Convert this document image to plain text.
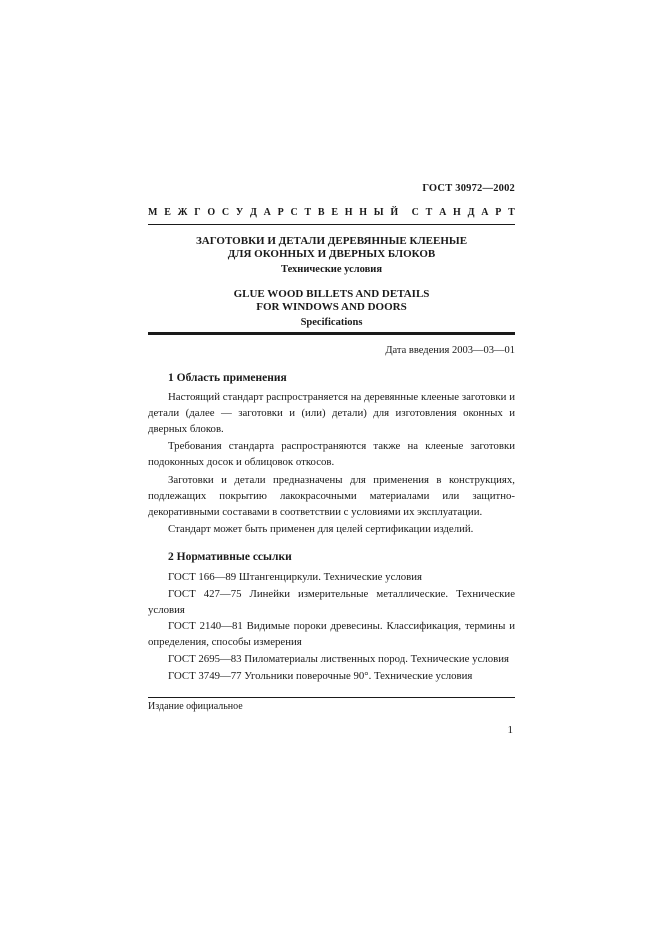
ГОСТ 30972—2002
М Е Ж Г О С У Д А Р С Т В Е Н Н Ы Й С Т А Н Д А Р Т
ЗАГОТОВКИ И ДЕТАЛИ ДЕРЕВЯННЫЕ КЛЕЕНЫЕ
ДЛЯ ОКОННЫХ И ДВЕРНЫХ БЛОКОВ
Технические условия
GLUE WOOD BILLETS AND DETAILS
FOR WINDOWS AND DOORS
Specifications
Дата введения 2003—03—01
1 Область применения

Настоящий стандарт распространяется на деревянные клееные заготовки и детали (далее — заготовки и (или) детали) для изготовления оконных и дверных блоков.

Требования стандарта распространяются также на клееные заготовки подоконных досок и облицовок откосов.

Заготовки и детали предназначены для применения в конструкциях, подлежащих покрытию лакокрасочными материалами или защитно-декоративными составами в соответствии с условиями их эксплуатации.

Стандарт может быть применен для целей сертификации изделий.

2 Нормативные ссылки

ГОСТ 166—89 Штангенциркули. Технические условия

ГОСТ 427—75 Линейки измерительные металлические. Технические условия

ГОСТ 2140—81 Видимые пороки древесины. Классификация, термины и определения, способы измерения

ГОСТ 2695—83 Пиломатериалы лиственных пород. Технические условия

ГОСТ 3749—77 Угольники поверочные 90°. Технические условия

Издание официальное
1
